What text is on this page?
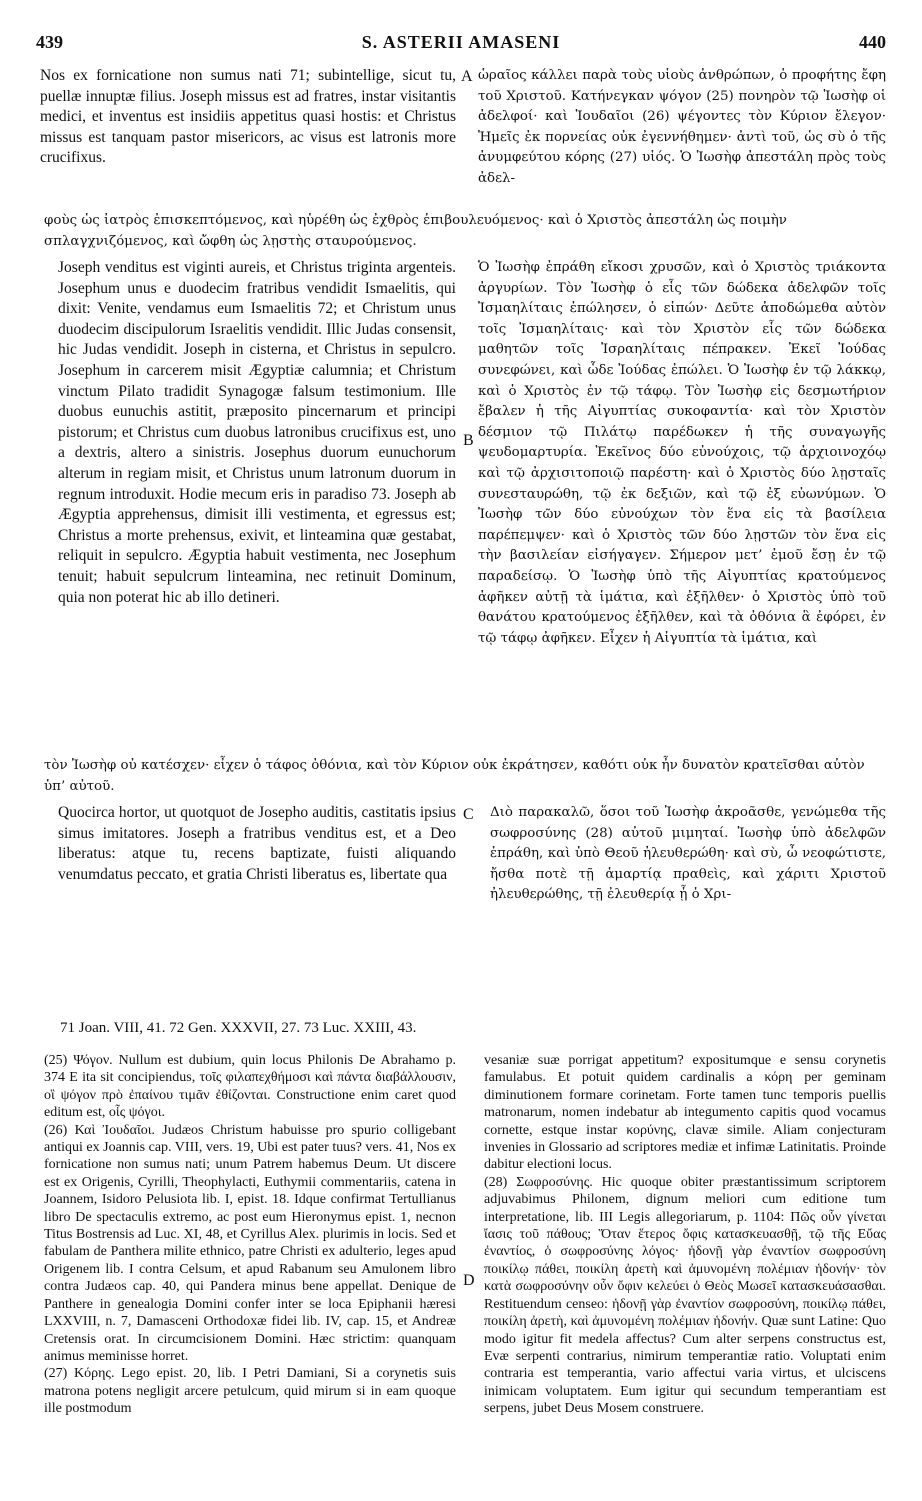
439	S. ASTERII AMASENI	440

Nos ex fornicatione non sumus nati 71; subintellige, sicut tu, puellæ innuptæ filius. Joseph missus est ad fratres, instar visitantis medici, et inventus est insidiis appetitus quasi hostis: et Christus missus est tanquam pastor misericors, ac visus est latronis more crucifixus.

A ὡραῖος κάλλει παρὰ τοὺς υἱοὺς ἀνθρώπων, ὁ προφήτης ἔφη τοῦ Χριστοῦ. Κατήνεγκαν ψόγον (25) πονηρὸν τῷ Ἰωσὴφ οἱ ἀδελφοί· καὶ Ἰουδαῖοι (26) ψέγοντες τὸν Κύριον ἔλεγον· Ἡμεῖς ἐκ πορνείας οὐκ ἐγεννήθημεν· ἀντὶ τοῦ, ὡς σὺ ὁ τῆς ἀνυμφεύτου κόρης (27) υἱός. Ὁ Ἰωσὴφ ἀπεστάλη πρὸς τοὺς ἀδελ-

φοὺς ὡς ἰατρὸς ἐπισκεπτόμενος, καὶ ηὑρέθη ὡς ἐχθρὸς ἐπιβουλευόμενος· καὶ ὁ Χριστὸς ἀπεστάλη ὡς ποιμὴν σπλαγχνιζόμενος, καὶ ὤφθη ὡς λῃστὴς σταυρούμενος.

Joseph venditus est viginti aureis, et Christus triginta argenteis. Josephum unus e duodecim fratribus vendidit Ismaelitis, qui dixit: Venite, vendamus eum Ismaelitis 72; et Christum unus duodecim discipulorum Israelitis vendidit. Illic Judas consensit, hic Judas vendidit. Joseph in cisterna, et Christus in sepulcro. Josephum in carcerem misit Ægyptiæ calumnia; et Christum vinctum Pilato tradidit Synagogæ falsum testimonium. Ille duobus eunuchis astitit, præposito pincernarum et principi pistorum; et Christus cum duobus latronibus crucifixus est, uno a dextris, altero a sinistris. Josephus duorum eunuchorum alterum in regiam misit, et Christus unum latronum duorum in regnum introduxit. Hodie mecum eris in paradiso 73. Joseph ab Ægyptia apprehensus, dimisit illi vestimenta, et egressus est; Christus a morte prehensus, exivit, et linteamina quæ gestabat, reliquit in sepulcro. Ægyptia habuit vestimenta, nec Josephum tenuit; habuit sepulcrum linteamina, nec retinuit Dominum, quia non poterat hic ab illo detineri.

B

Ὁ Ἰωσὴφ ἐπράθη εἴκοσι χρυσῶν, καὶ ὁ Χριστὸς τριάκοντα ἀργυρίων. Τὸν Ἰωσὴφ ὁ εἷς τῶν δώδεκα ἀδελφῶν τοῖς Ἰσμαηλίταις ἐπώλησεν, ὁ εἰπών· Δεῦτε ἀποδώμεθα αὐτὸν τοῖς Ἰσμαηλίταις· καὶ τὸν Χριστὸν εἷς τῶν δώδεκα μαθητῶν τοῖς Ἰσραηλίταις πέπρακεν. Ἐκεῖ Ἰούδας συνεφώνει, καὶ ὧδε Ἰούδας ἐπώλει. Ὁ Ἰωσὴφ ἐν τῷ λάκκῳ, καὶ ὁ Χριστὸς ἐν τῷ τάφῳ. Τὸν Ἰωσὴφ εἰς δεσμωτήριον ἔβαλεν ἡ τῆς Αἰγυπτίας συκοφαντία· καὶ τὸν Χριστὸν δέσμιον τῷ Πιλάτῳ παρέδωκεν ἡ τῆς συναγωγῆς ψευδομαρτυρία. Ἐκεῖνος δύο εὐνούχοις, τῷ ἀρχιοινοχόῳ καὶ τῷ ἀρχισιτοποιῷ παρέστη· καὶ ὁ Χριστὸς δύο λῃσταῖς συνεσταυρώθη, τῷ ἐκ δεξιῶν, καὶ τῷ ἐξ εὐωνύμων. Ὁ Ἰωσὴφ τῶν δύο εὐνούχων τὸν ἕνα εἰς τὰ βασίλεια παρέπεμψεν· καὶ ὁ Χριστὸς τῶν δύο λῃστῶν τὸν ἕνα εἰς τὴν βασιλείαν εἰσήγαγεν. Σήμερον μετ’ ἐμοῦ ἔσῃ ἐν τῷ παραδείσῳ. Ὁ Ἰωσὴφ ὑπὸ τῆς Αἰγυπτίας κρατούμενος ἀφῆκεν αὐτῇ τὰ ἱμάτια, καὶ ἐξῆλθεν· ὁ Χριστὸς ὑπὸ τοῦ θανάτου κρατούμενος ἐξῆλθεν, καὶ τὰ ὀθόνια ἃ ἐφόρει, ἐν τῷ τάφῳ ἀφῆκεν. Εἶχεν ἡ Αἰγυπτία τὰ ἱμάτια, καὶ

τὸν Ἰωσὴφ οὐ κατέσχεν· εἶχεν ὁ τάφος ὀθόνια, καὶ τὸν Κύριον οὐκ ἐκράτησεν, καθότι οὐκ ἦν δυνατὸν κρατεῖσθαι αὐτὸν ὑπ’ αὐτοῦ.

Quocirca hortor, ut quotquot de Josepho auditis, castitatis ipsius simus imitatores. Joseph a fratribus venditus est, et a Deo liberatus: atque tu, recens baptizate, fuisti aliquando venumdatus peccato, et gratia Christi liberatus es, libertate qua

C Διὸ παρακαλῶ, ὅσοι τοῦ Ἰωσὴφ ἀκροᾶσθε, γενώμεθα τῆς σωφροσύνης (28) αὐτοῦ μιμηταί. Ἰωσὴφ ὑπὸ ἀδελφῶν ἐπράθη, καὶ ὑπὸ Θεοῦ ἠλευθερώθη· καὶ σὺ, ὦ νεοφώτιστε, ἤσθα ποτὲ τῇ ἁμαρτίᾳ πραθεὶς, καὶ χάριτι Χριστοῦ ἠλευθερώθης, τῇ ἐλευθερίᾳ ᾗ ὁ Χρι-

71 Joan. VIII, 41. 72 Gen. XXXVII, 27. 73 Luc. XXIII, 43.

(25) Ψόγον. Nullum est dubium, quin locus Philonis De Abrahamo p. 374 E ita sit concipiendus, τοῖς φιλαπεχθήμοσι καὶ πάντα διαβάλλουσιν, οἳ ψόγον πρὸ ἐπαίνου τιμᾶν ἐθίζονται. Constructione enim caret quod editum est, οἷς ψόγοι.

(26) Καὶ Ἰουδαῖοι. Judæos Christum habuisse pro spurio colligebant antiqui ex Joannis cap. VIII, vers. 19, Ubi est pater tuus? vers. 41, Nos ex fornicatione non sumus nati; unum Patrem habemus Deum. Ut discere est ex Origenis, Cyrilli, Theophylacti, Euthymii commentariis, catena in Joannem, Isidoro Pelusiota lib. I, epist. 18. Idque confirmat Tertullianus libro De spectaculis extremo, ac post eum Hieronymus epist. 1, necnon Titus Bostrensis ad Luc. XI, 48, et Cyrillus Alex. plurimis in locis. Sed et fabulam de Panthera milite ethnico, patre Christi ex adulterio, leges apud Origenem lib. I contra Celsum, et apud Rabanum seu Amulonem libro contra Judæos cap. 40, qui Pandera minus bene appellat. Denique de Panthere in genealogia Domini confer inter se loca Epiphanii hæresi LXXVIII, n. 7, Damasceni Orthodoxæ fidei lib. IV, cap. 15, et Andreæ Cretensis orat. In circumcisionem Domini. Hæc strictim: quanquam animus meminisse horret.

(27) Κόρης. Lego epist. 20, lib. I Petri Damiani, Si a corynetis suis matrona potens negligit arcere petulcum, quid mirum si in eam quoque ille postmodum

D

vesaniæ suæ porrigat appetitum? expositumque e sensu corynetis famulabus. Et potuit quidem cardinalis a κόρη per geminam diminutionem formare corinetam. Forte tamen tunc temporis puellis matronarum, nomen indebatur ab integumento capitis quod vocamus cornette, estque instar κορύνης, clavæ simile. Aliam conjecturam invenies in Glossario ad scriptores mediæ et infimæ Latinitatis. Proinde dabitur electioni locus.

(28) Σωφροσύνης. Hic quoque obiter præstantissimum scriptorem adjuvabimus Philonem, dignum meliori cum editione tum interpretatione, lib. III Legis allegoriarum, p. 1104: Πῶς οὖν γίνεται ἴασις τοῦ πάθους; Ὅταν ἕτερος ὄφις κατασκευασθῇ, τῷ τῆς Εὔας ἐναντίος, ὁ σωφροσύνης λόγος· ἡδονῇ γὰρ ἐναντίον σωφροσύνη ποικίλῳ πάθει, ποικίλη ἀρετὴ καὶ ἀμυνομένη πολέμιαν ἡδονήν· τὸν κατὰ σωφροσύνην οὖν ὄφιν κελεύει ὁ Θεὸς Μωσεῖ κατασκευάσασθαι. Restituendum censeo: ἡδονῇ γὰρ ἐναντίον σωφροσύνη, ποικίλῳ πάθει, ποικίλη ἀρετὴ, καὶ ἀμυνομένη πολέμιαν ἡδονήν. Quæ sunt Latine: Quo modo igitur fit medela affectus? Cum alter serpens constructus est, Evæ serpenti contrarius, nimirum temperantiæ ratio. Voluptati enim contraria est temperantia, vario affectui varia virtus, et ulciscens inimicam voluptatem. Eum igitur qui secundum temperantiam est serpens, jubet Deus Mosem construere.
